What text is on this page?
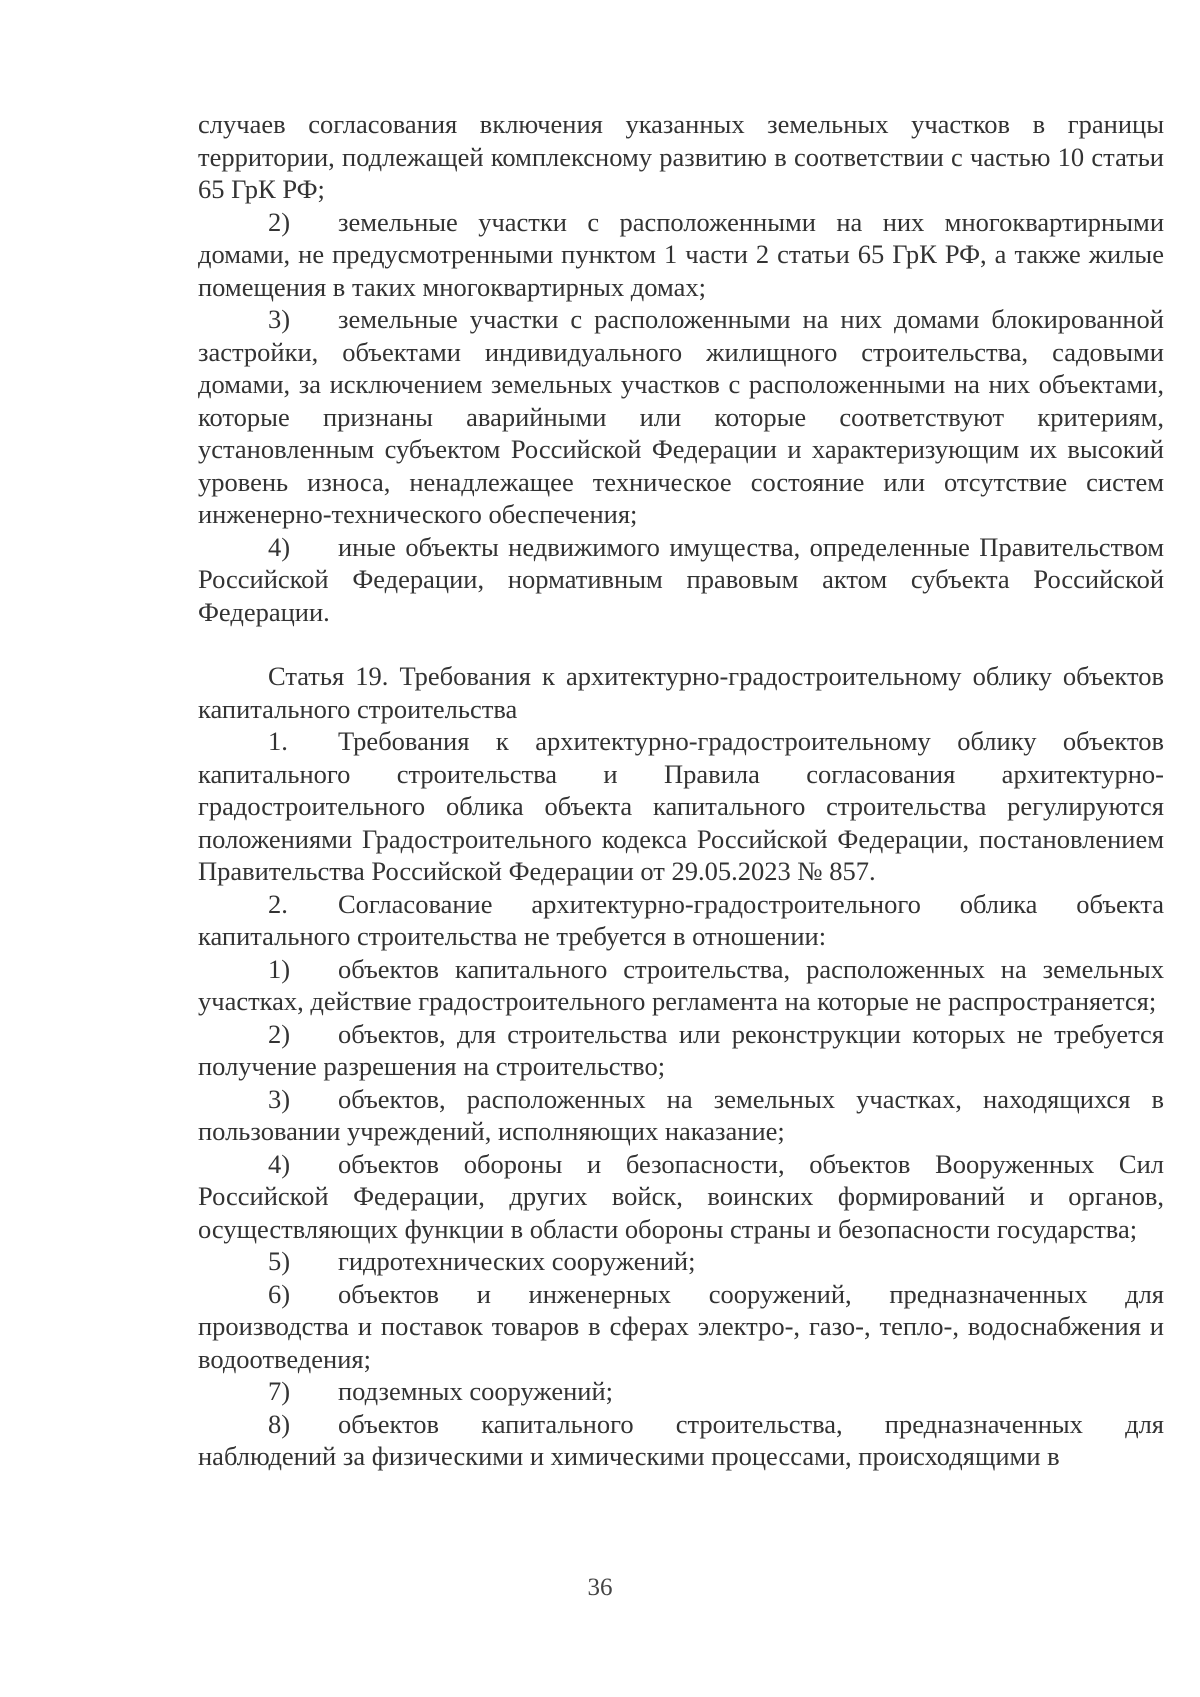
случаев согласования включения указанных земельных участков в границы территории, подлежащей комплексному развитию в соответствии с частью 10 статьи 65 ГрК РФ;

2) земельные участки с расположенными на них многоквартирными домами, не предусмотренными пунктом 1 части 2 статьи 65 ГрК РФ, а также жилые помещения в таких многоквартирных домах;

3) земельные участки с расположенными на них домами блокированной застройки, объектами индивидуального жилищного строительства, садовыми домами, за исключением земельных участков с расположенными на них объектами, которые признаны аварийными или которые соответствуют критериям, установленным субъектом Российской Федерации и характеризующим их высокий уровень износа, ненадлежащее техническое состояние или отсутствие систем инженерно-технического обеспечения;

4) иные объекты недвижимого имущества, определенные Правительством Российской Федерации, нормативным правовым актом субъекта Российской Федерации.

Статья 19. Требования к архитектурно-градостроительному облику объектов капитального строительства

1. Требования к архитектурно-градостроительному облику объектов капитального строительства и Правила согласования архитектурно-градостроительного облика объекта капитального строительства регулируются положениями Градостроительного кодекса Российской Федерации, постановлением Правительства Российской Федерации от 29.05.2023 № 857.

2. Согласование архитектурно-градостроительного облика объекта капитального строительства не требуется в отношении:

1) объектов капитального строительства, расположенных на земельных участках, действие градостроительного регламента на которые не распространяется;

2) объектов, для строительства или реконструкции которых не требуется получение разрешения на строительство;

3) объектов, расположенных на земельных участках, находящихся в пользовании учреждений, исполняющих наказание;

4) объектов обороны и безопасности, объектов Вооруженных Сил Российской Федерации, других войск, воинских формирований и органов, осуществляющих функции в области обороны страны и безопасности государства;

5) гидротехнических сооружений;

6) объектов и инженерных сооружений, предназначенных для производства и поставок товаров в сферах электро-, газо-, тепло-, водоснабжения и водоотведения;

7) подземных сооружений;

8) объектов капитального строительства, предназначенных для наблюдений за физическими и химическими процессами, происходящими в

36
